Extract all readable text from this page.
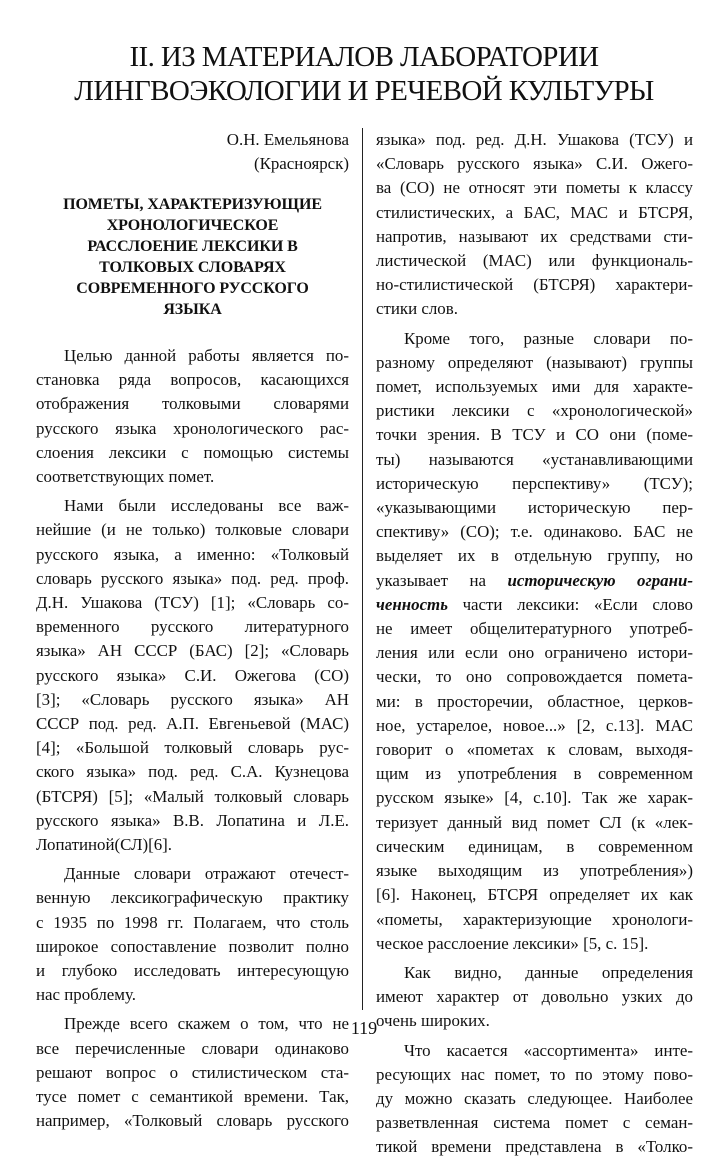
II. ИЗ МАТЕРИАЛОВ ЛАБОРАТОРИИ
ЛИНГВОЭКОЛОГИИ И РЕЧЕВОЙ КУЛЬТУРЫ
О.Н. Емельянова
(Красноярск)
ПОМЕТЫ, ХАРАКТЕРИЗУЮЩИЕ
ХРОНОЛОГИЧЕСКОЕ
РАССЛОЕНИЕ ЛЕКСИКИ В
ТОЛКОВЫХ СЛОВАРЯХ
СОВРЕМЕННОГО РУССКОГО
ЯЗЫКА
Целью данной работы является по-
становка ряда вопросов, касающихся
отображения толковыми словарями
русского языка хронологического рас-
слоения лексики с помощью системы
соответствующих помет.
Нами были исследованы все важ-
нейшие (и не только) толковые словари
русского языка, а именно: «Толковый
словарь русского языка» под. ред. проф.
Д.Н. Ушакова (ТСУ) [1]; «Словарь со-
временного русского литературного
языка» АН СССР (БАС) [2]; «Словарь
русского языка» С.И. Ожегова (СО)
[3]; «Словарь русского языка» АН
СССР под. ред. А.П. Евгеньевой (МАС)
[4]; «Большой толковый словарь рус-
ского языка» под. ред. С.А. Кузнецова
(БТСРЯ) [5]; «Малый толковый словарь
русского языка» В.В. Лопатина и Л.Е.
Лопатиной(СЛ)[6].
Данные словари отражают отечест-
венную лексикографическую практику
с 1935 по 1998 гг. Полагаем, что столь
широкое сопоставление позволит полно
и глубоко исследовать интересующую
нас проблему.
Прежде всего скажем о том, что не
все перечисленные словари одинаково
решают вопрос о стилистическом ста-
тусе помет с семантикой времени. Так,
например, «Толковый словарь русского
языка» под. ред. Д.Н. Ушакова (ТСУ) и
«Словарь русского языка» С.И. Ожего-
ва (СО) не относят эти пометы к классу
стилистических, а БАС, МАС и БТСРЯ,
напротив, называют их средствами сти-
листической (МАС) или функциональ-
но-стилистической (БТСРЯ) характери-
стики слов.
Кроме того, разные словари по-
разному определяют (называют) группы
помет, используемых ими для характе-
ристики лексики с «хронологической»
точки зрения. В ТСУ и СО они (поме-
ты) называются «устанавливающими
историческую перспективу» (ТСУ);
«указывающими историческую пер-
спективу» (СО); т.е. одинаково. БАС не
выделяет их в отдельную группу, но
указывает на историческую ограни-
ченность части лексики: «Если слово
не имеет общелитературного употреб-
ления или если оно ограничено истори-
чески, то оно сопровождается помета-
ми: в просторечии, областное, церков-
ное, устарелое, новое...» [2, с.13]. МАС
говорит о «пометах к словам, выходя-
щим из употребления в современном
русском языке» [4, с.10]. Так же харак-
теризует данный вид помет СЛ (к «лек-
сическим единицам, в современном
языке выходящим из употребления»)
[6]. Наконец, БТСРЯ определяет их как
«пометы, характеризующие хронологи-
ческое расслоение лексики» [5, с. 15].
Как видно, данные определения
имеют характер от довольно узких до
очень широких.
Что касается «ассортимента» инте-
ресующих нас помет, то по этому пово-
ду можно сказать следующее. Наиболее
разветвленная система помет с семан-
тикой времени представлена в «Толко-
119
